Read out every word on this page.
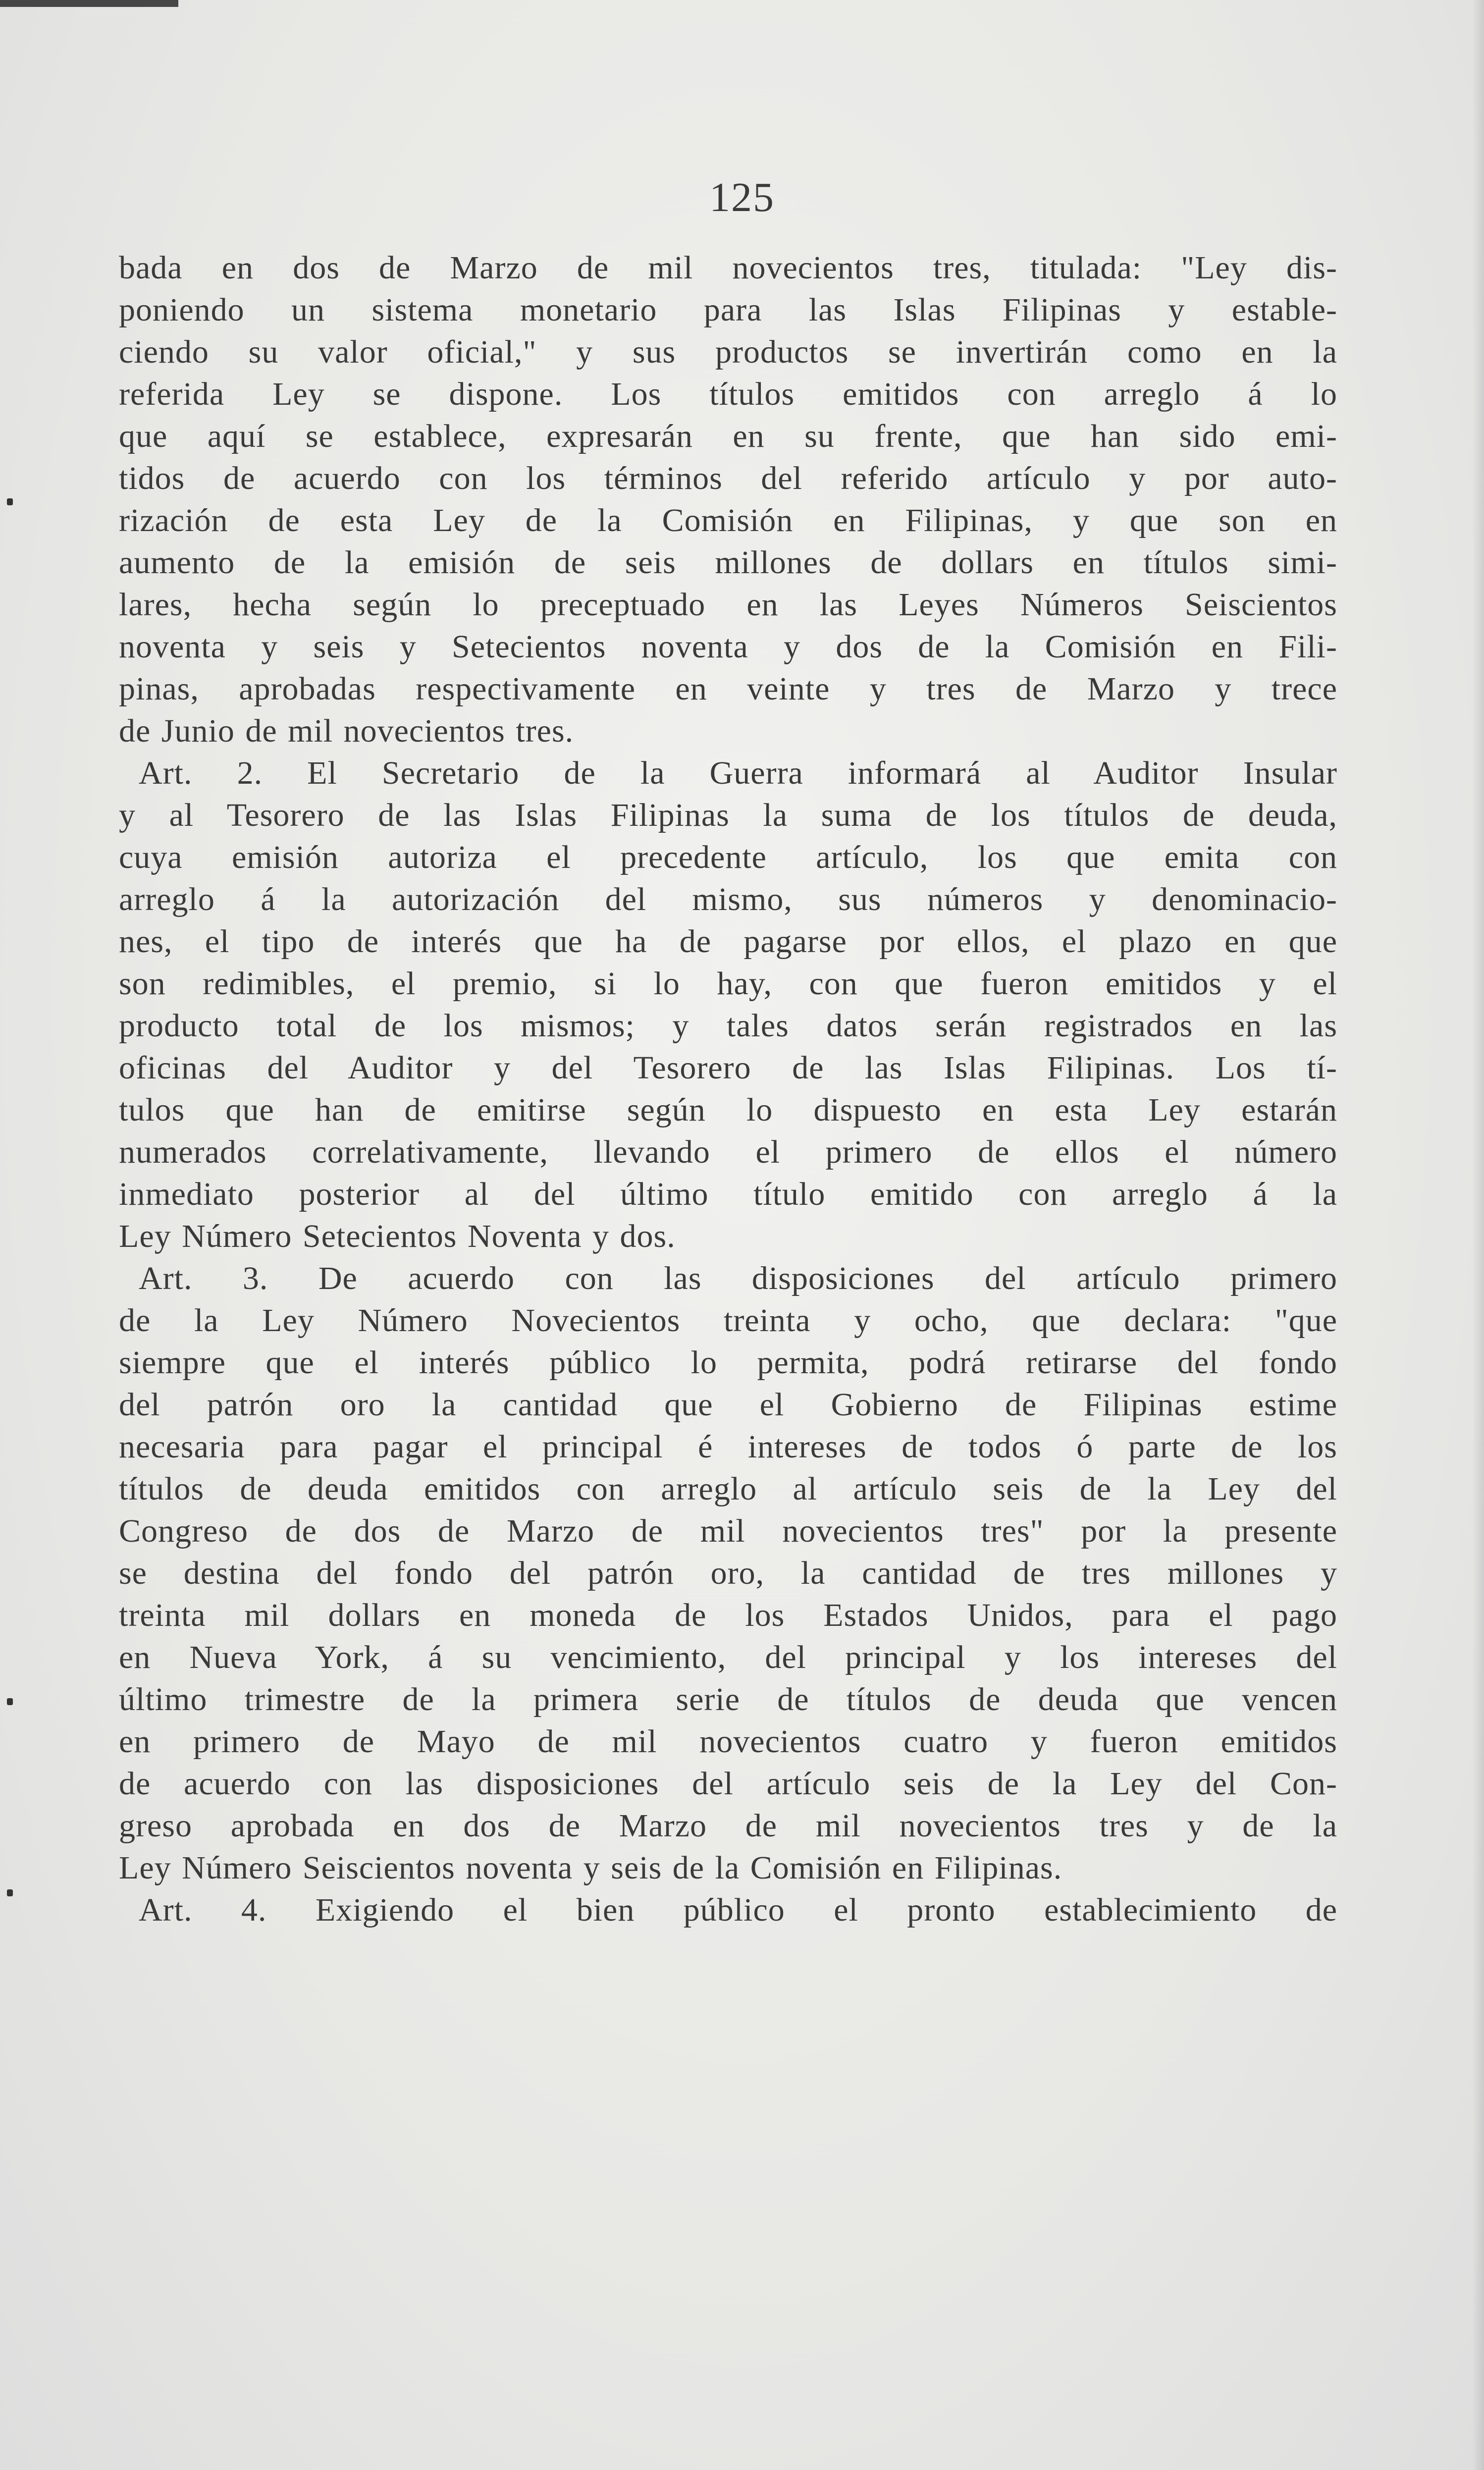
125
bada en dos de Marzo de mil novecientos tres, titulada: "Ley dis-
poniendo un sistema monetario para las Islas Filipinas y estable-
ciendo su valor oficial," y sus productos se invertirán como en la
referida Ley se dispone. Los títulos emitidos con arreglo á lo
que aquí se establece, expresarán en su frente, que han sido emi-
tidos de acuerdo con los términos del referido artículo y por auto-
rización de esta Ley de la Comisión en Filipinas, y que son en
aumento de la emisión de seis millones de dollars en títulos simi-
lares, hecha según lo preceptuado en las Leyes Números Seiscientos
noventa y seis y Setecientos noventa y dos de la Comisión en Fili-
pinas, aprobadas respectivamente en veinte y tres de Marzo y trece
de Junio de mil novecientos tres.
Art. 2. El Secretario de la Guerra informará al Auditor Insular
y al Tesorero de las Islas Filipinas la suma de los títulos de deuda,
cuya emisión autoriza el precedente artículo, los que emita con
arreglo á la autorización del mismo, sus números y denominacio-
nes, el tipo de interés que ha de pagarse por ellos, el plazo en que
son redimibles, el premio, si lo hay, con que fueron emitidos y el
producto total de los mismos; y tales datos serán registrados en las
oficinas del Auditor y del Tesorero de las Islas Filipinas. Los tí-
tulos que han de emitirse según lo dispuesto en esta Ley estarán
numerados correlativamente, llevando el primero de ellos el número
inmediato posterior al del último título emitido con arreglo á la
Ley Número Setecientos Noventa y dos.
Art. 3. De acuerdo con las disposiciones del artículo primero
de la Ley Número Novecientos treinta y ocho, que declara: "que
siempre que el interés público lo permita, podrá retirarse del fondo
del patrón oro la cantidad que el Gobierno de Filipinas estime
necesaria para pagar el principal é intereses de todos ó parte de los
títulos de deuda emitidos con arreglo al artículo seis de la Ley del
Congreso de dos de Marzo de mil novecientos tres" por la presente
se destina del fondo del patrón oro, la cantidad de tres millones y
treinta mil dollars en moneda de los Estados Unidos, para el pago
en Nueva York, á su vencimiento, del principal y los intereses del
último trimestre de la primera serie de títulos de deuda que vencen
en primero de Mayo de mil novecientos cuatro y fueron emitidos
de acuerdo con las disposiciones del artículo seis de la Ley del Con-
greso aprobada en dos de Marzo de mil novecientos tres y de la
Ley Número Seiscientos noventa y seis de la Comisión en Filipinas.
Art. 4. Exigiendo el bien público el pronto establecimiento de
